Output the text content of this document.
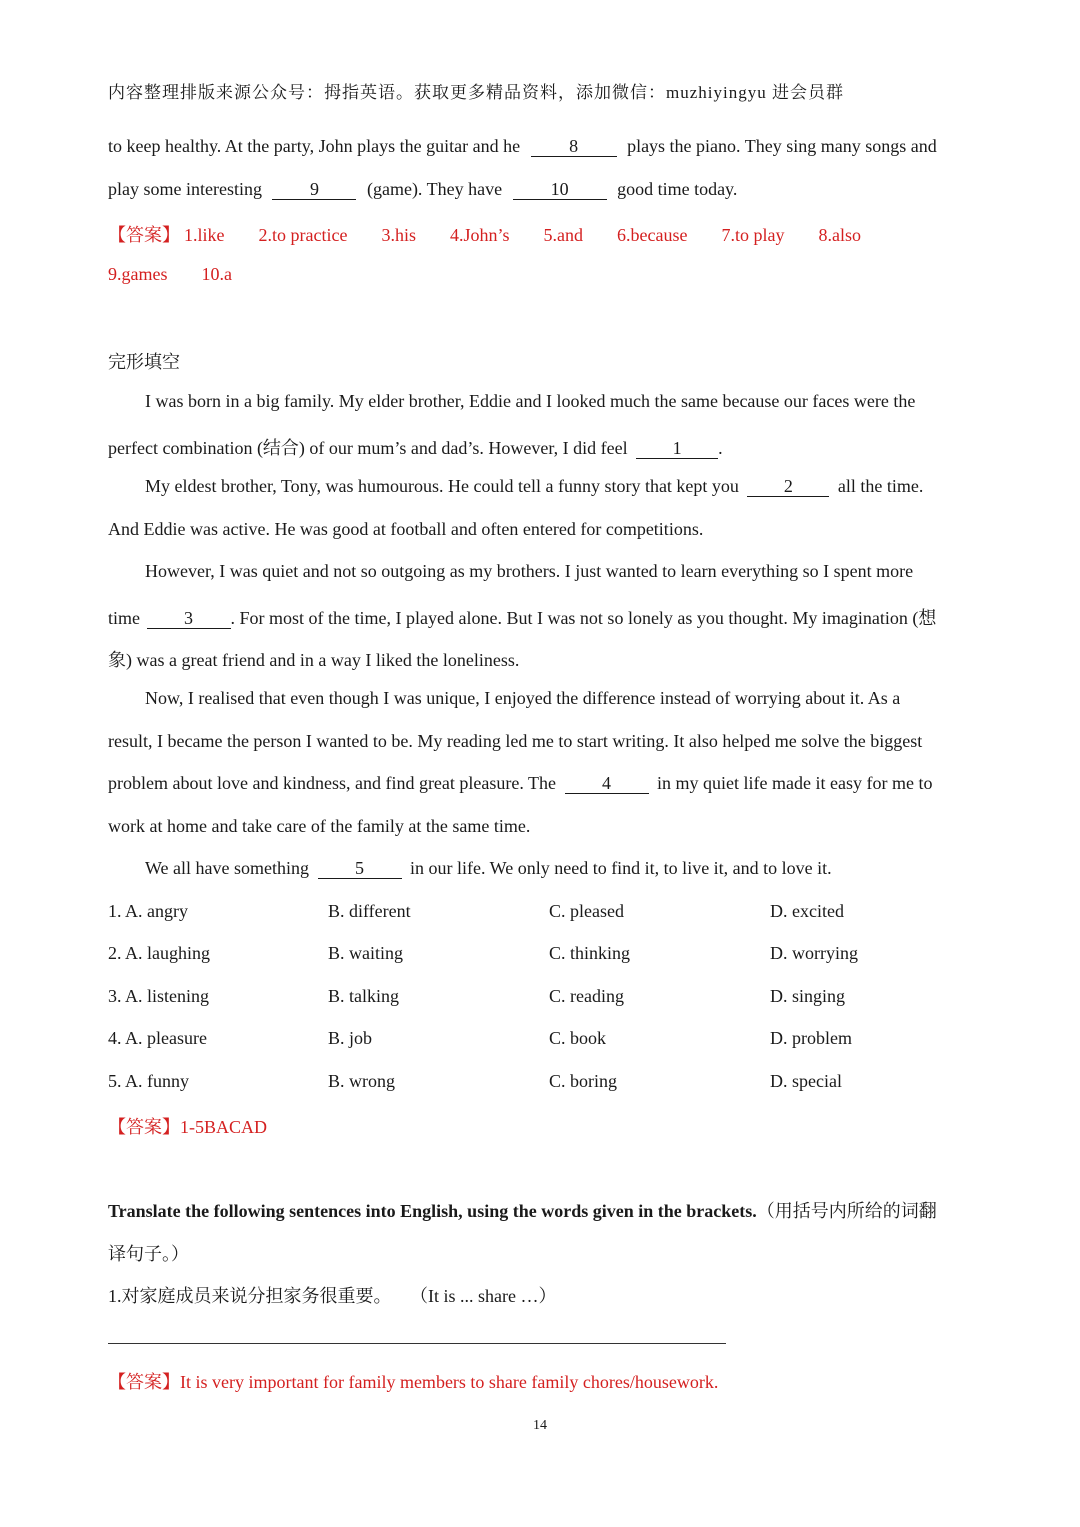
内容整理排版来源公众号：拇指英语。获取更多精品资料，添加微信：muzhiyingyu 进会员群
to keep healthy. At the party, John plays the guitar and he	8	plays the piano. They sing many songs and
play some interesting	9	(game). They have	10	good time today.
【答案】 1.like 2.to practice 3.his 4.John’s 5.and 6.because 7.to play 8.also
9.games 10.a
完形填空
I was born in a big family. My elder brother, Eddie and I looked much the same because our faces were the
perfect combination (结合) of our mum’s and dad’s. However, I did feel	1 .
My eldest brother, Tony, was humourous. He could tell a funny story that kept you	2	all the time.
And Eddie was active. He was good at football and often entered for competitions.
However, I was quiet and not so outgoing as my brothers. I just wanted to learn everything so I spent more
time 3 . For most of the time, I played alone. But I was not so lonely as you thought. My imagination (想
象) was a great friend and in a way I liked the loneliness.
Now, I realised that even though I was unique, I enjoyed the difference instead of worrying about it. As a
result, I became the person I wanted to be. My reading led me to start writing. It also helped me solve the biggest
problem about love and kindness, and find great pleasure. The	4	in my quiet life made it easy for me to
work at home and take care of the family at the same time.
We all have something	5	in our life. We only need to find it, to live it, and to love it.
1. A. angry	B. different	C. pleased	D. excited
2. A. laughing	B. waiting	C. thinking	D. worrying
3. A. listening	B. talking	C. reading	D. singing
4. A. pleasure	B. job	C. book	D. problem
5. A. funny	B. wrong	C. boring	D. special
【答案】1-5BACAD
Translate the following sentences into English, using the words given in the brackets.（用括号内所给的词翻
译句子。）
1.对家庭成员来说分担家务很重要。 （It is ... share …）
【答案】It is very important for family members to share family chores/housework.
14
